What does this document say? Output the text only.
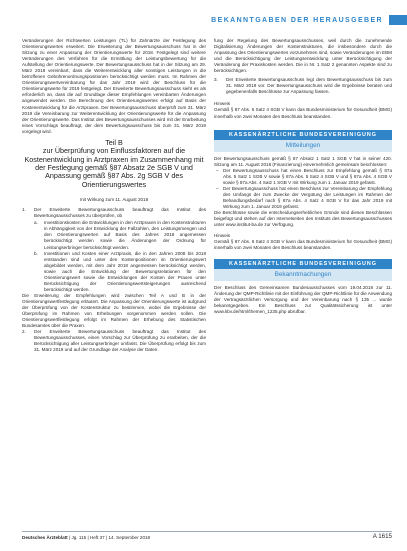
BEKANNTGABEN DER HERAUSGEBER

Veränderungen der Richtwerten Leistungen (TL) für Zahnärzte der Festlegung des Orientierungswertes erweitert. Die Erweiterung der Bewertungsausschuss hat in der Sitzung zu einer Anpassung der Orientierungswerte für 2018. Festgelegt sind weitere Veränderungen des Verfahren für die Ermittlung der Leistungsbewertung für die Aufstellung der Orientierungswerte. Der Bewertungsausschuss hat in der Sitzung am 29. März 2018 vereinbart, dass die Weiterentwicklung aller sonstigen Leistungen in die betroffenen Gebührenordnungspositionen berücksichtigt werden muss. Im Rahmen der Orientierungswertvereinbarung für das Jahr 2019 wird der Beschluss für die Orientierungswerte für 2019 festgelegt. Der Erweiterte Bewertungsausschuss sieht es als erforderlich an, dass die auf Grundlage dieser Empfehlungen vereinbarten Änderungen angewendet werden. Die Berechnung des Orientierungswertes erfolgt auf Basis der Kostenentwicklung für die Arztpraxen. Der Bewertungsausschuss überprüft zum 31. März 2019 die Vereinbarung zur Weiterentwicklung der Orientierungswerte für die Anpassung der Orientierungswerte. Das Institut des Bewertungsausschusses wird mit der Erarbeitung eines Vorschlags beauftragt, der dem Bewertungsausschuss bis zum 31. März 2019 vorgelegt wird.

Teil B
zur Überprüfung von Einflussfaktoren auf die Kostenentwicklung in Arztpraxen im Zusammenhang mit der Festlegung gemäß §87 Absatz 2e SGB V und Anpassung gemäß §87 Abs. 2g SGB V des Orientierungswertes
mit Wirkung zum 11. August 2018
1.	Der Erweiterte Bewertungsausschuss beauftragt das Institut des Bewertungsausschusses zu überprüfen, ob
a.	Investitionskosten die Entwicklungen in den Arztpraxen in den Kostenstrukturen in Abhängigkeit von der Entwicklung der Fallzahlen, den Leistungsmengen und den Orientierungswerten auf Basis des Jahres 2018 angemessen berücksichtigt werden sowie die Änderungen der Ordnung für Leistungserbringer berücksichtigt werden.
b.	Investitionen und Kosten einer Arztpraxis, die in den Jahren 2008 bis 2018 entstanden sind und unter den Kostenpositionen im Orientierungswert abgebildet werden, mit dem Jahr 2018 angemessen berücksichtigt werden, sowie auch die Entwicklung der Bewertungsrelationen für den Orientierungswert sowie die Entwicklungen der Kosten der Praxen unter Berücksichtigung der Orientierungswertsteigerungen ausreichend berücksichtigt werden.

Die Erweiterung der Empfehlungen wird zwischen Teil A und B in der Orientierungswertfestlegung erläutert. Die Anpassung der Orientierungswerte ist aufgrund der Überprüfung von der Kostenstruktur zu bestimmen, wobei die Ergebnisse der Überprüfung im Rahmen von Erhebungen vorgenommen werden sollen. Die Orientierungswertfestlegung erfolgt im Rahmen der Erhebung des Statistischen Bundesamtes über die Praxen.

2.	Der Erweiterte Bewertungsausschuss beauftragt das Institut des Bewertungsausschusses, einen Vorschlag zur Überprüfung zu erarbeiten, der die Berücksichtigung aller Leistungserbringer umfasst. Die Überprüfung erfolgt bis zum 31. März 2019 und auf der Grundlage der Analyse der Daten.

fung der Regelung des Bewertungsausschusses, weil durch die zunehmende Digitalisierung Änderungen der Kostenstrukturen, die insbesondere durch die Anpassung des Orientierungswertes vorzunehmen sind, sowie Veränderungen im EBM und die Berücksichtigung der Leistungsentwicklung unter Berücksichtigung der Veränderung der Praxiskosten werden. Die in Nr. 1 Satz 2 genannten Aspekte sind zu berücksichtigen.

3.	Der Erweiterte Bewertungsausschuss legt dem Bewertungsausschuss bis zum 31. März 2019 vor. Der Bewertungsausschuss wird die Ergebnisse beraten und gegebenenfalls Beschlüsse zur Anpassung fassen.

Hinweis

Gemäß § 87 Abs. 6 Satz 4 SGB V kann das Bundesministerium für Gesundheit (BMG) innerhalb von zwei Monaten den Beschluss beanstanden.

KASSENÄRZTLICHE BUNDESVEREINIGUNG
Mitteilungen

Der Bewertungsausschuss gemäß § 87 Absatz 1 Satz 1 SGB V hat in seiner 420. Sitzung am 11. August 2018 (Finanzierung) einvernehmlich gemeinsam beschlossen:

– Der Bewertungsausschuss hat einen Beschluss zur Empfehlung gemäß § 87a Abs. 5 Satz 1 SGB V sowie § 87a Abs. 5 Satz 4 SGB V und § 87a Abs. 4 SGB V sowie § 87a Abs. 4 Satz 1 SGB V mit Wirkung zum 1. Januar 2019 gefasst.
– Der Bewertungsausschuss hat einen Beschluss zur Vereinbarung der Empfehlung des Umfangs der zum Zwecke der Vergütung der Leistungen im Rahmen der Behandlungsbedarf nach § 87a Abs. 4 Satz 4 SGB V für das Jahr 2019 mit Wirkung zum 1. Januar 2019 gefasst.

Die Beschlüsse sowie die entscheidungserheblichen Gründe sind diesen Beschlüssen beigefügt und stehen auf den Internetseiten des Instituts des Bewertungsausschusses unter www.institut-ba.de zur Verfügung.

Hinweis

Gemäß § 87 Abs. 6 Satz 4 SGB V kann das Bundesministerium für Gesundheit (BMG) innerhalb von zwei Monaten den Beschluss beanstanden.

KASSENÄRZTLICHE BUNDESVEREINIGUNG
Bekanntmachungen

Der Beschluss des Gemeinsamen Bundesausschusses vom 19.04.2018 zur 11. Änderung der QMP-Richtlinie mit der Einführung der QMP-Richtlinie für die Anwendung der Vertragsärztlichen Versorgung und der Vereinbarung nach § 135 ... wurde bekanntgegeben. Ein Beschluss zur Qualitätssicherung ist unter www.kbv.de/html/themen_1235.php abrufbar.

Deutsches Ärzteblatt | Jg. 115 | Heft 37 | 14. September 2018	A 1615
